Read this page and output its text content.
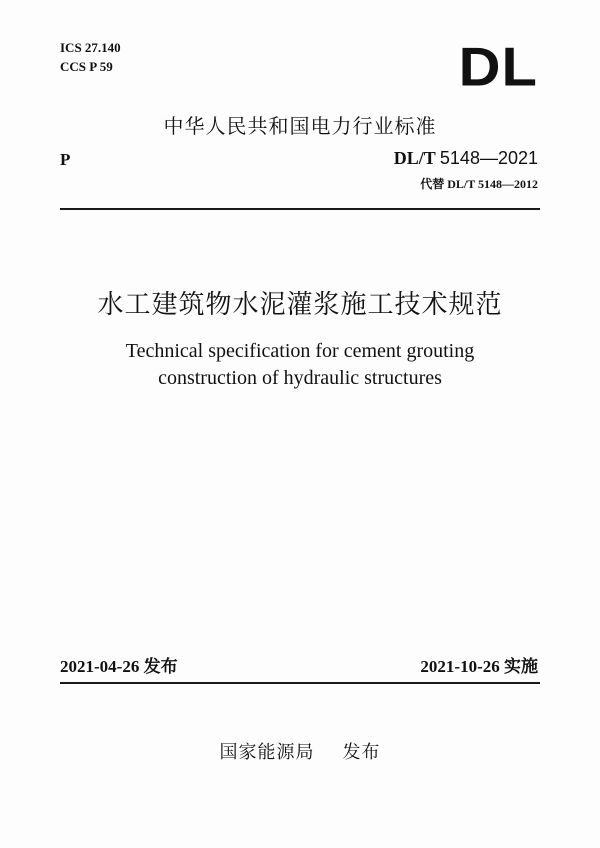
ICS 27.140
CCS P 59	DL
中华人民共和国电力行业标准
P	DL/T 5148—2021
代替 DL/T 5148—2012
水工建筑物水泥灌浆施工技术规范
Technical specification for cement grouting
construction of hydraulic structures
2021-04-26 发布	2021-10-26 实施
国家能源局 发布
